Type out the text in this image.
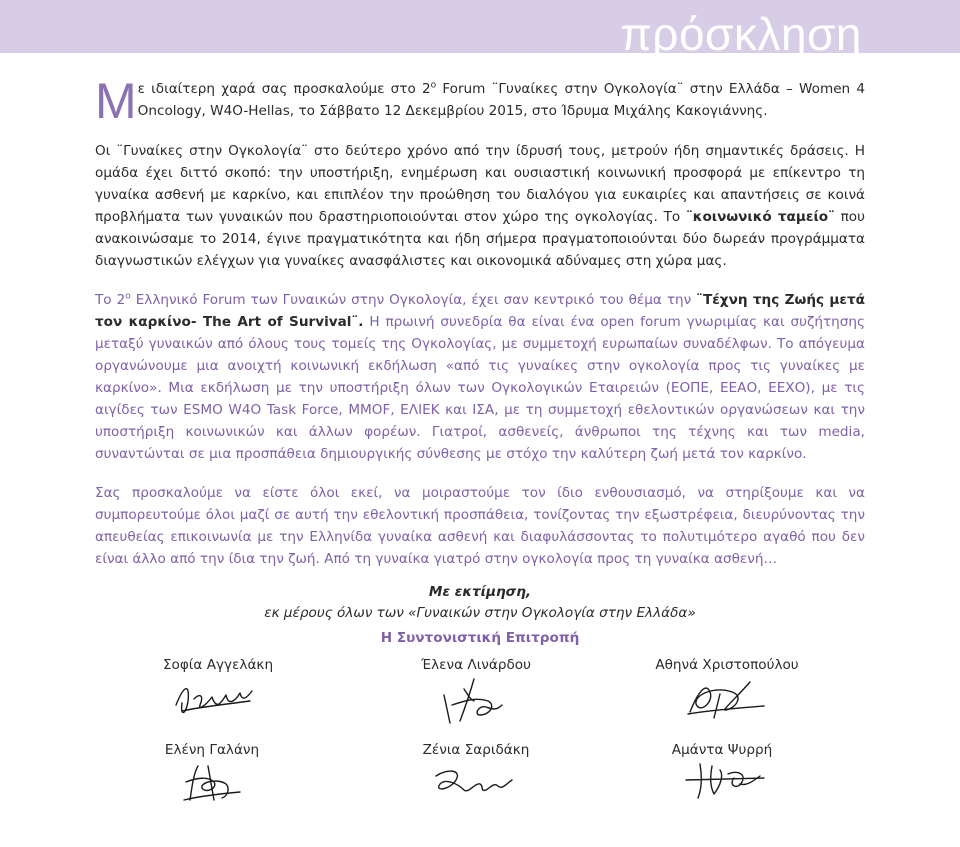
πρόσκληση

Mε ιδιαίτερη χαρά σας προσκαλούμε στο $2^o$ Forum ¨Γυναίκες στην Ογκολογία¨ στην Ελλάδα – Women 4 Oncology, W4O-Hellas, το Σάββατο 12 Δεκεμβρίου 2015, στο Ίδρυμα Μιχάλης Κακογιάννης.

Οι ¨Γυναίκες στην Ογκολογία¨ στο δεύτερο χρόνο από την ίδρυσή τους, μετρούν ήδη σημαντικές δράσεις. Η ομάδα έχει διττό σκοπό: την υποστήριξη, ενημέρωση και ουσιαστική κοινωνική προσφορά με επίκεντρο τη γυναίκα ασθενή με καρκίνο, και επιπλέον την προώθηση του διαλόγου για ευκαιρίες και απαντήσεις σε κοινά προβλήματα των γυναικών που δραστηριοποιούνται στον χώρο της ογκολογίας. Το ¨κοινωνικό ταμείο¨ που ανακοινώσαμε το 2014, έγινε πραγματικότητα και ήδη σήμερα πραγματοποιούνται δύο δωρεάν προγράμματα διαγνωστικών ελέγχων για γυναίκες ανασφάλιστες και οικονομικά αδύναμες στη χώρα μας.

Το $2^o$ Ελληνικό Forum των Γυναικών στην Ογκολογία, έχει σαν κεντρικό του θέμα την ¨Τέχνη της Ζωής μετά τον καρκίνο- The Art of Survival¨. Η πρωινή συνεδρία θα είναι ένα open forum γνωριμίας και συζήτησης μεταξύ γυναικών από όλους τους τομείς της Ογκολογίας, με συμμετοχή ευρωπαίων συναδέλφων. Το απόγευμα οργανώνουμε μια ανοιχτή κοινωνική εκδήλωση «από τις γυναίκες στην ογκολογία προς τις γυναίκες με καρκίνο». Μια εκδήλωση με την υποστήριξη όλων των Ογκολογικών Εταιρειών (ΕΟΠΕ, ΕΕΑΟ, ΕΕΧΟ), με τις αιγίδες των ESMO W4O Task Force, ΜΜΟF, ΕΛΙΕΚ και ΙΣΑ, με τη συμμετοχή εθελοντικών οργανώσεων και την υποστήριξη κοινωνικών και άλλων φορέων. Γιατροί, ασθενείς, άνθρωποι της τέχνης και των media, συναντώνται σε μια προσπάθεια δημιουργικής σύνθεσης με στόχο την καλύτερη ζωή μετά τον καρκίνο.

Σας προσκαλούμε να είστε όλοι εκεί, να μοιραστούμε τον ίδιο ενθουσιασμό, να στηρίξουμε και να συμπορευτούμε όλοι μαζί σε αυτή την εθελοντική προσπάθεια, τονίζοντας την εξωστρέφεια, διευρύνοντας την απευθείας επικοινωνία με την Ελληνίδα γυναίκα ασθενή και διαφυλάσσοντας το πολυτιμότερο αγαθό που δεν είναι άλλο από την ίδια την ζωή. Από τη γυναίκα γιατρό στην ογκολογία προς τη γυναίκα ασθενή…

Με εκτίμηση,
εκ μέρους όλων των «Γυναικών στην Ογκολογία στην Ελλάδα»
Η Συντονιστική Επιτροπή
Σοφία Αγγελάκη	Έλενα Λινάρδου	Αθηνά Χριστοπούλου
Ελένη Γαλάνη	Ζένια Σαριδάκη	Αμάντα Ψυρρή
